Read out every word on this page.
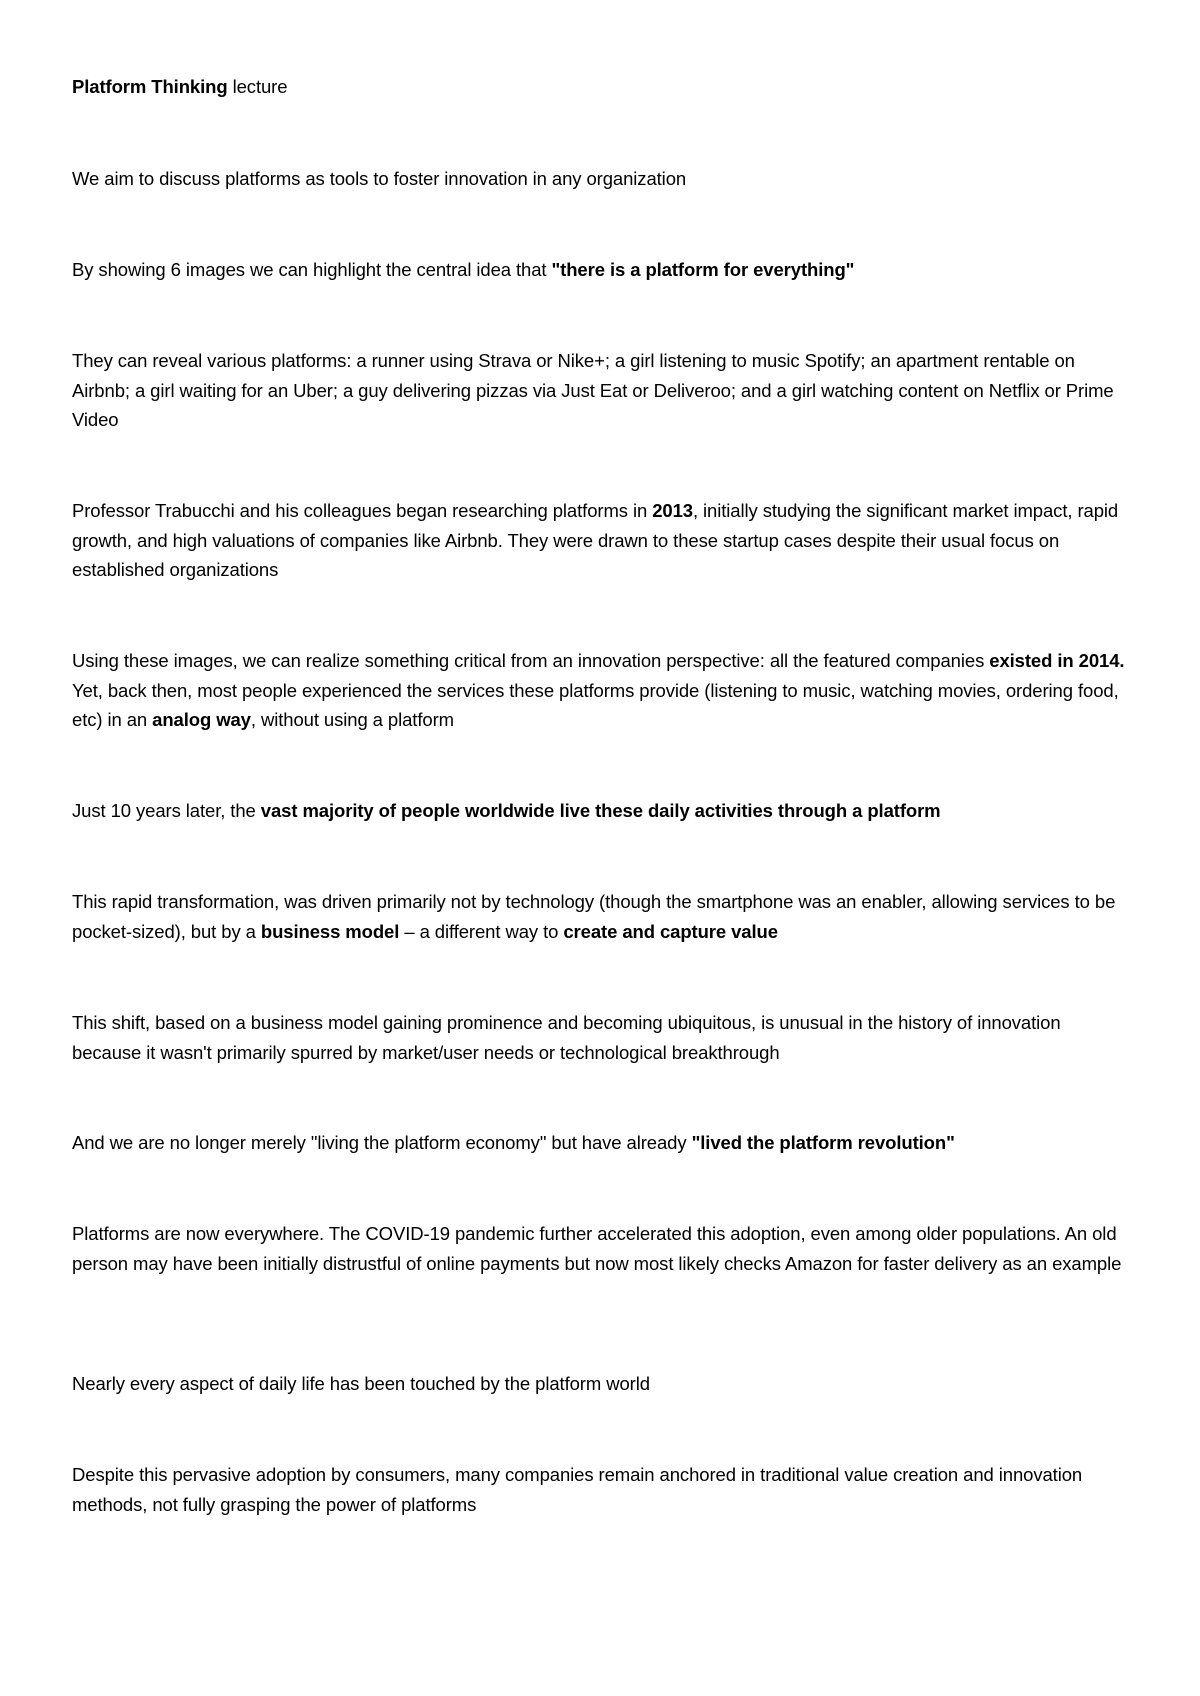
Platform Thinking lecture

We aim to discuss platforms as tools to foster innovation in any organization

By showing 6 images we can highlight the central idea that "there is a platform for everything"

They can reveal various platforms: a runner using Strava or Nike+; a girl listening to music Spotify; an apartment rentable on Airbnb; a girl waiting for an Uber; a guy delivering pizzas via Just Eat or Deliveroo; and a girl watching content on Netflix or Prime Video

Professor Trabucchi and his colleagues began researching platforms in 2013, initially studying the significant market impact, rapid growth, and high valuations of companies like Airbnb. They were drawn to these startup cases despite their usual focus on established organizations

Using these images, we can realize something critical from an innovation perspective: all the featured companies existed in 2014. Yet, back then, most people experienced the services these platforms provide (listening to music, watching movies, ordering food, etc) in an analog way, without using a platform

Just 10 years later, the vast majority of people worldwide live these daily activities through a platform

This rapid transformation, was driven primarily not by technology (though the smartphone was an enabler, allowing services to be pocket-sized), but by a business model – a different way to create and capture value

This shift, based on a business model gaining prominence and becoming ubiquitous, is unusual in the history of innovation because it wasn't primarily spurred by market/user needs or technological breakthrough

And we are no longer merely "living the platform economy" but have already "lived the platform revolution"

Platforms are now everywhere. The COVID-19 pandemic further accelerated this adoption, even among older populations. An old person may have been initially distrustful of online payments but now most likely checks Amazon for faster delivery as an example

Nearly every aspect of daily life has been touched by the platform world

Despite this pervasive adoption by consumers, many companies remain anchored in traditional value creation and innovation methods, not fully grasping the power of platforms
